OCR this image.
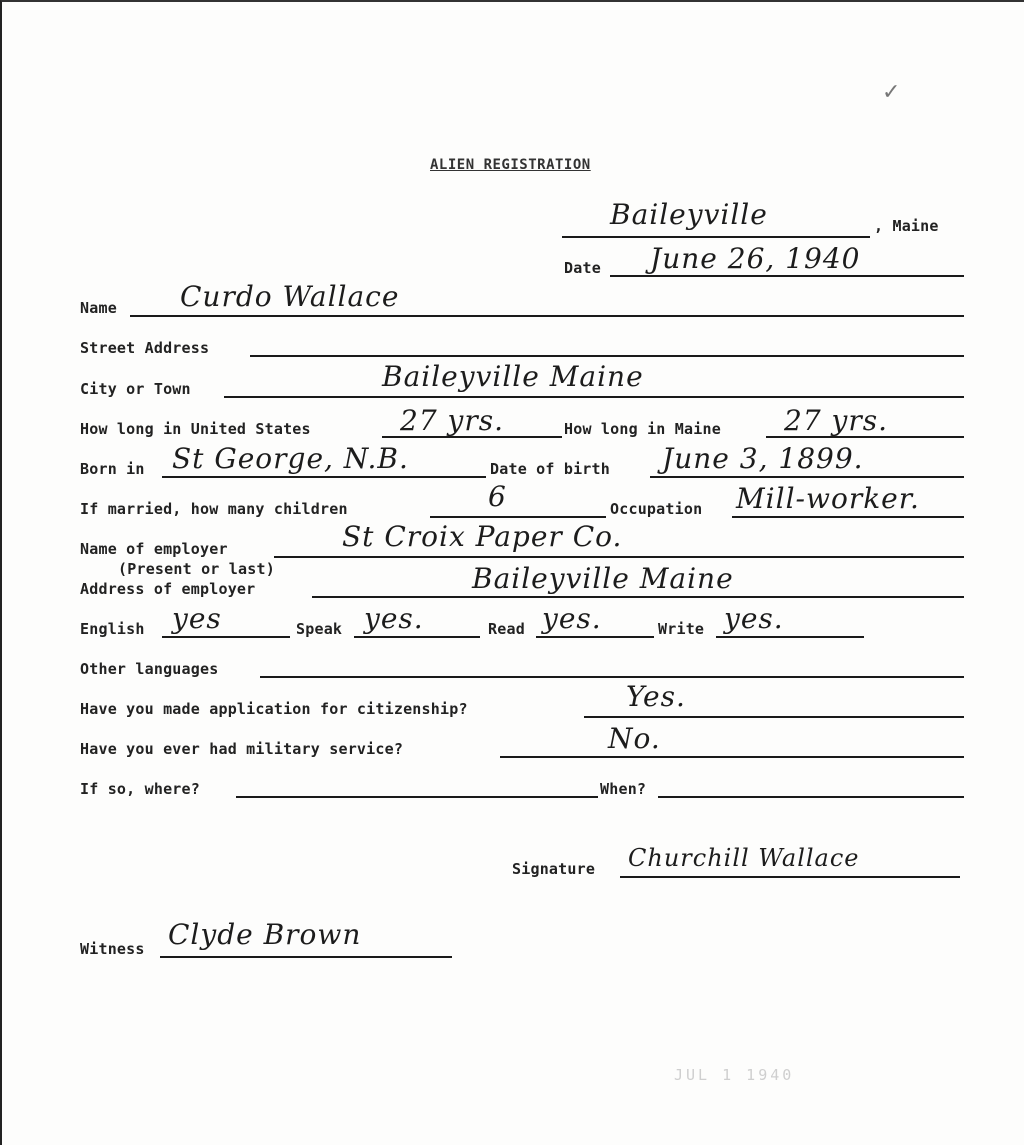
✓
ALIEN REGISTRATION
Baileyville	, Maine
Date June 26, 1940
Name Curdo Wallace
Street Address
City or Town	Baileyville Maine
How long in United States	27 yrs.	How long in Maine 27 yrs.
Born in St George, N.B.	Date of birth June 3, 1899.
If married, how many children	6	Occupation Mill-worker.
Name of employer	St Croix Paper Co.
(Present or last)
Address of employer	Baileyville Maine
English yes	Speak yes.	Read yes.	Write yes.
Other languages
Have you made application for citizenship?	Yes.
Have you ever had military service?	No.
If so, where?	When?
Signature Churchill Wallace
Witness Clyde Brown
JUL 1 1940
